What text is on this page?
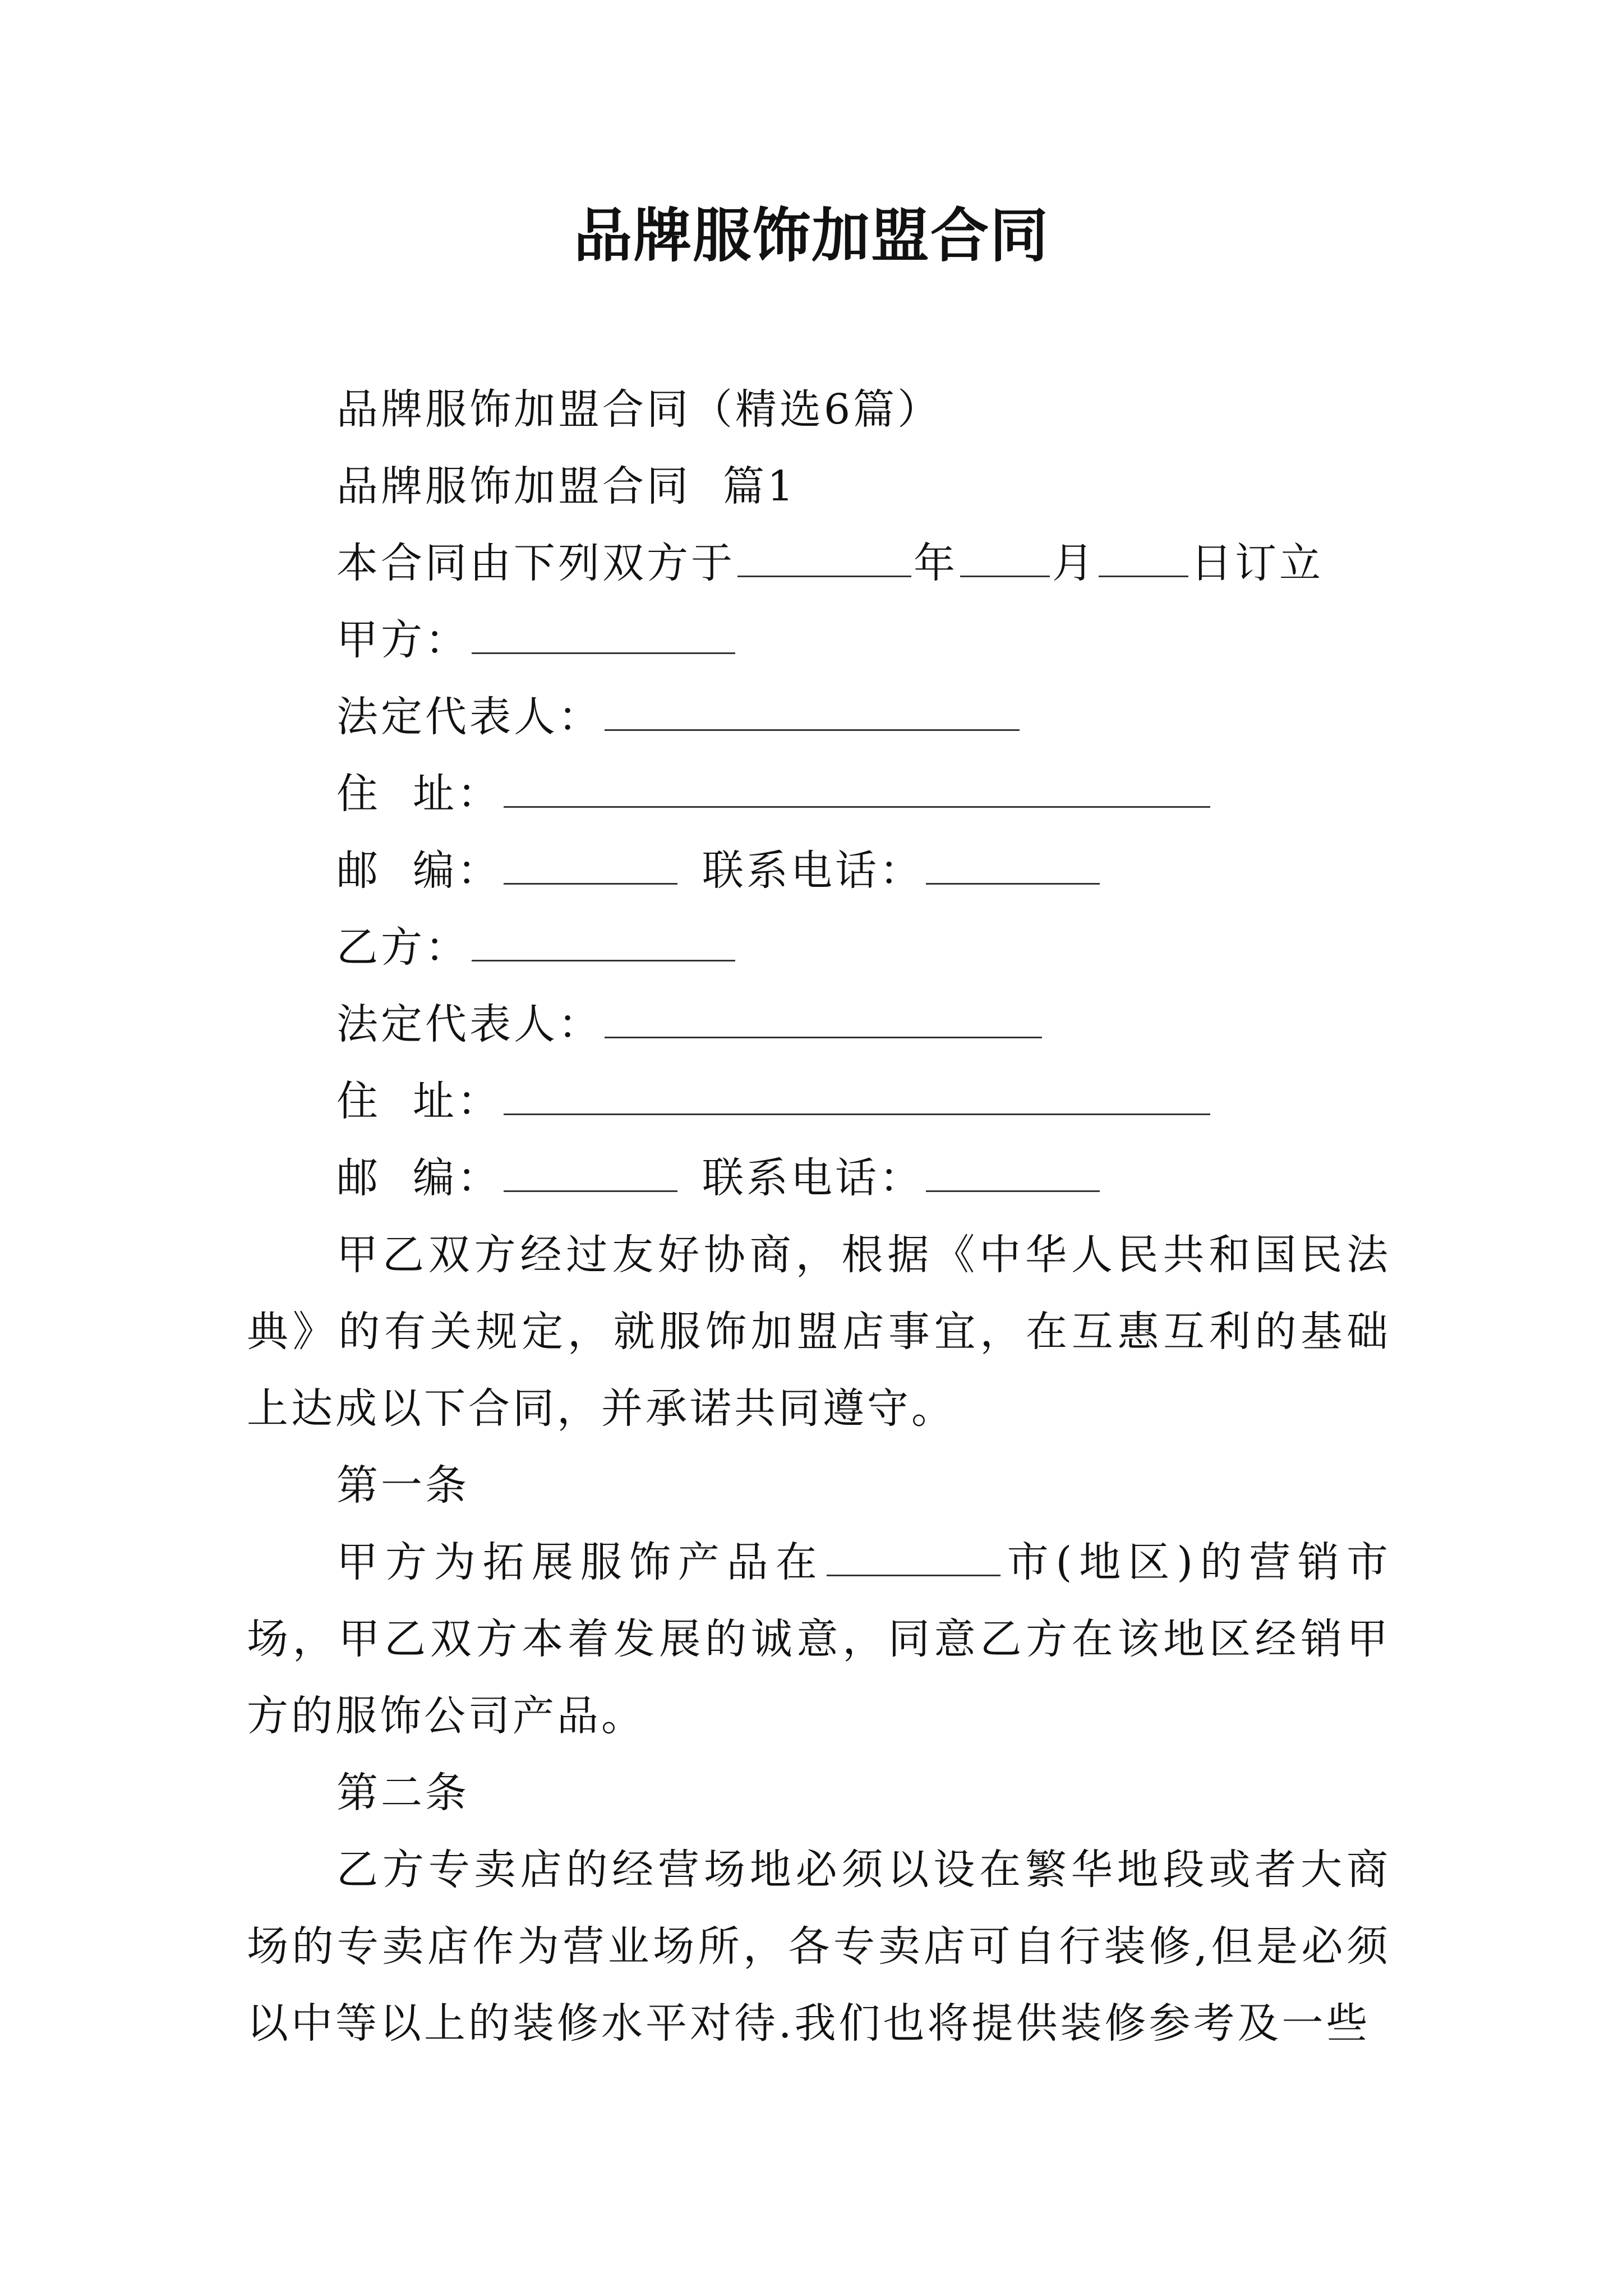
品牌服饰加盟合同
品牌服饰加盟合同（精选6篇）
品牌服饰加盟合同  篇1
本合同由下列双方于	年 月 日订立
甲方：
法定代表人：
住  址：
邮  编：	联系电话：
乙方：
法定代表人：
住  址：
邮  编：	联系电话：
甲乙双方经过友好协商，根据《中华人民共和国民法典》的有关规定，就服饰加盟店事宜，在互惠互利的基础上达成以下合同，并承诺共同遵守。
第一条
甲方为拓展服饰产品在	市(地区)的营销市场，甲乙双方本着发展的诚意，同意乙方在该地区经销甲方的服饰公司产品。
第二条
乙方专卖店的经营场地必须以设在繁华地段或者大商场的专卖店作为营业场所，各专卖店可自行装修,但是必须以中等以上的装修水平对待.我们也将提供装修参考及一些
